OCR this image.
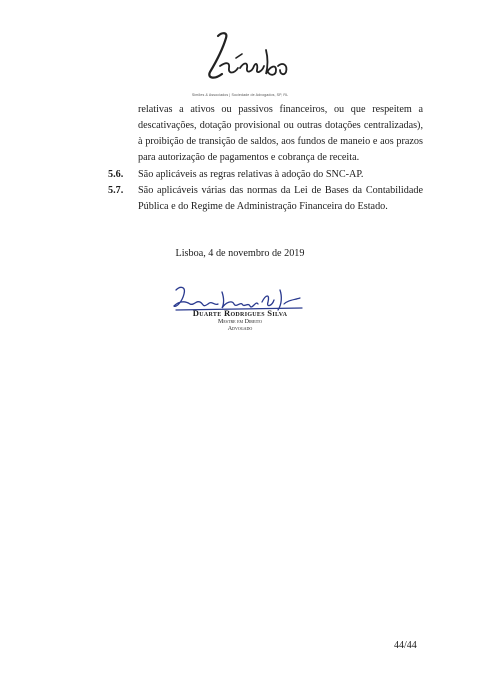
Simões & Associados | Sociedade de Advogados, SP, RL
relativas a ativos ou passivos financeiros, ou que respeitem a descativações, dotação provisional ou outras dotações centralizadas), à proibição de transição de saldos, aos fundos de maneio e aos prazos para autorização de pagamentos e cobrança de receita.
5.6. São aplicáveis as regras relativas à adoção do SNC-AP.
5.7. São aplicáveis várias das normas da Lei de Bases da Contabilidade Pública e do Regime de Administração Financeira do Estado.
Lisboa, 4 de novembro de 2019
Duarte Rodrigues Silva
Mestre em Direito
Advogado
44/44
